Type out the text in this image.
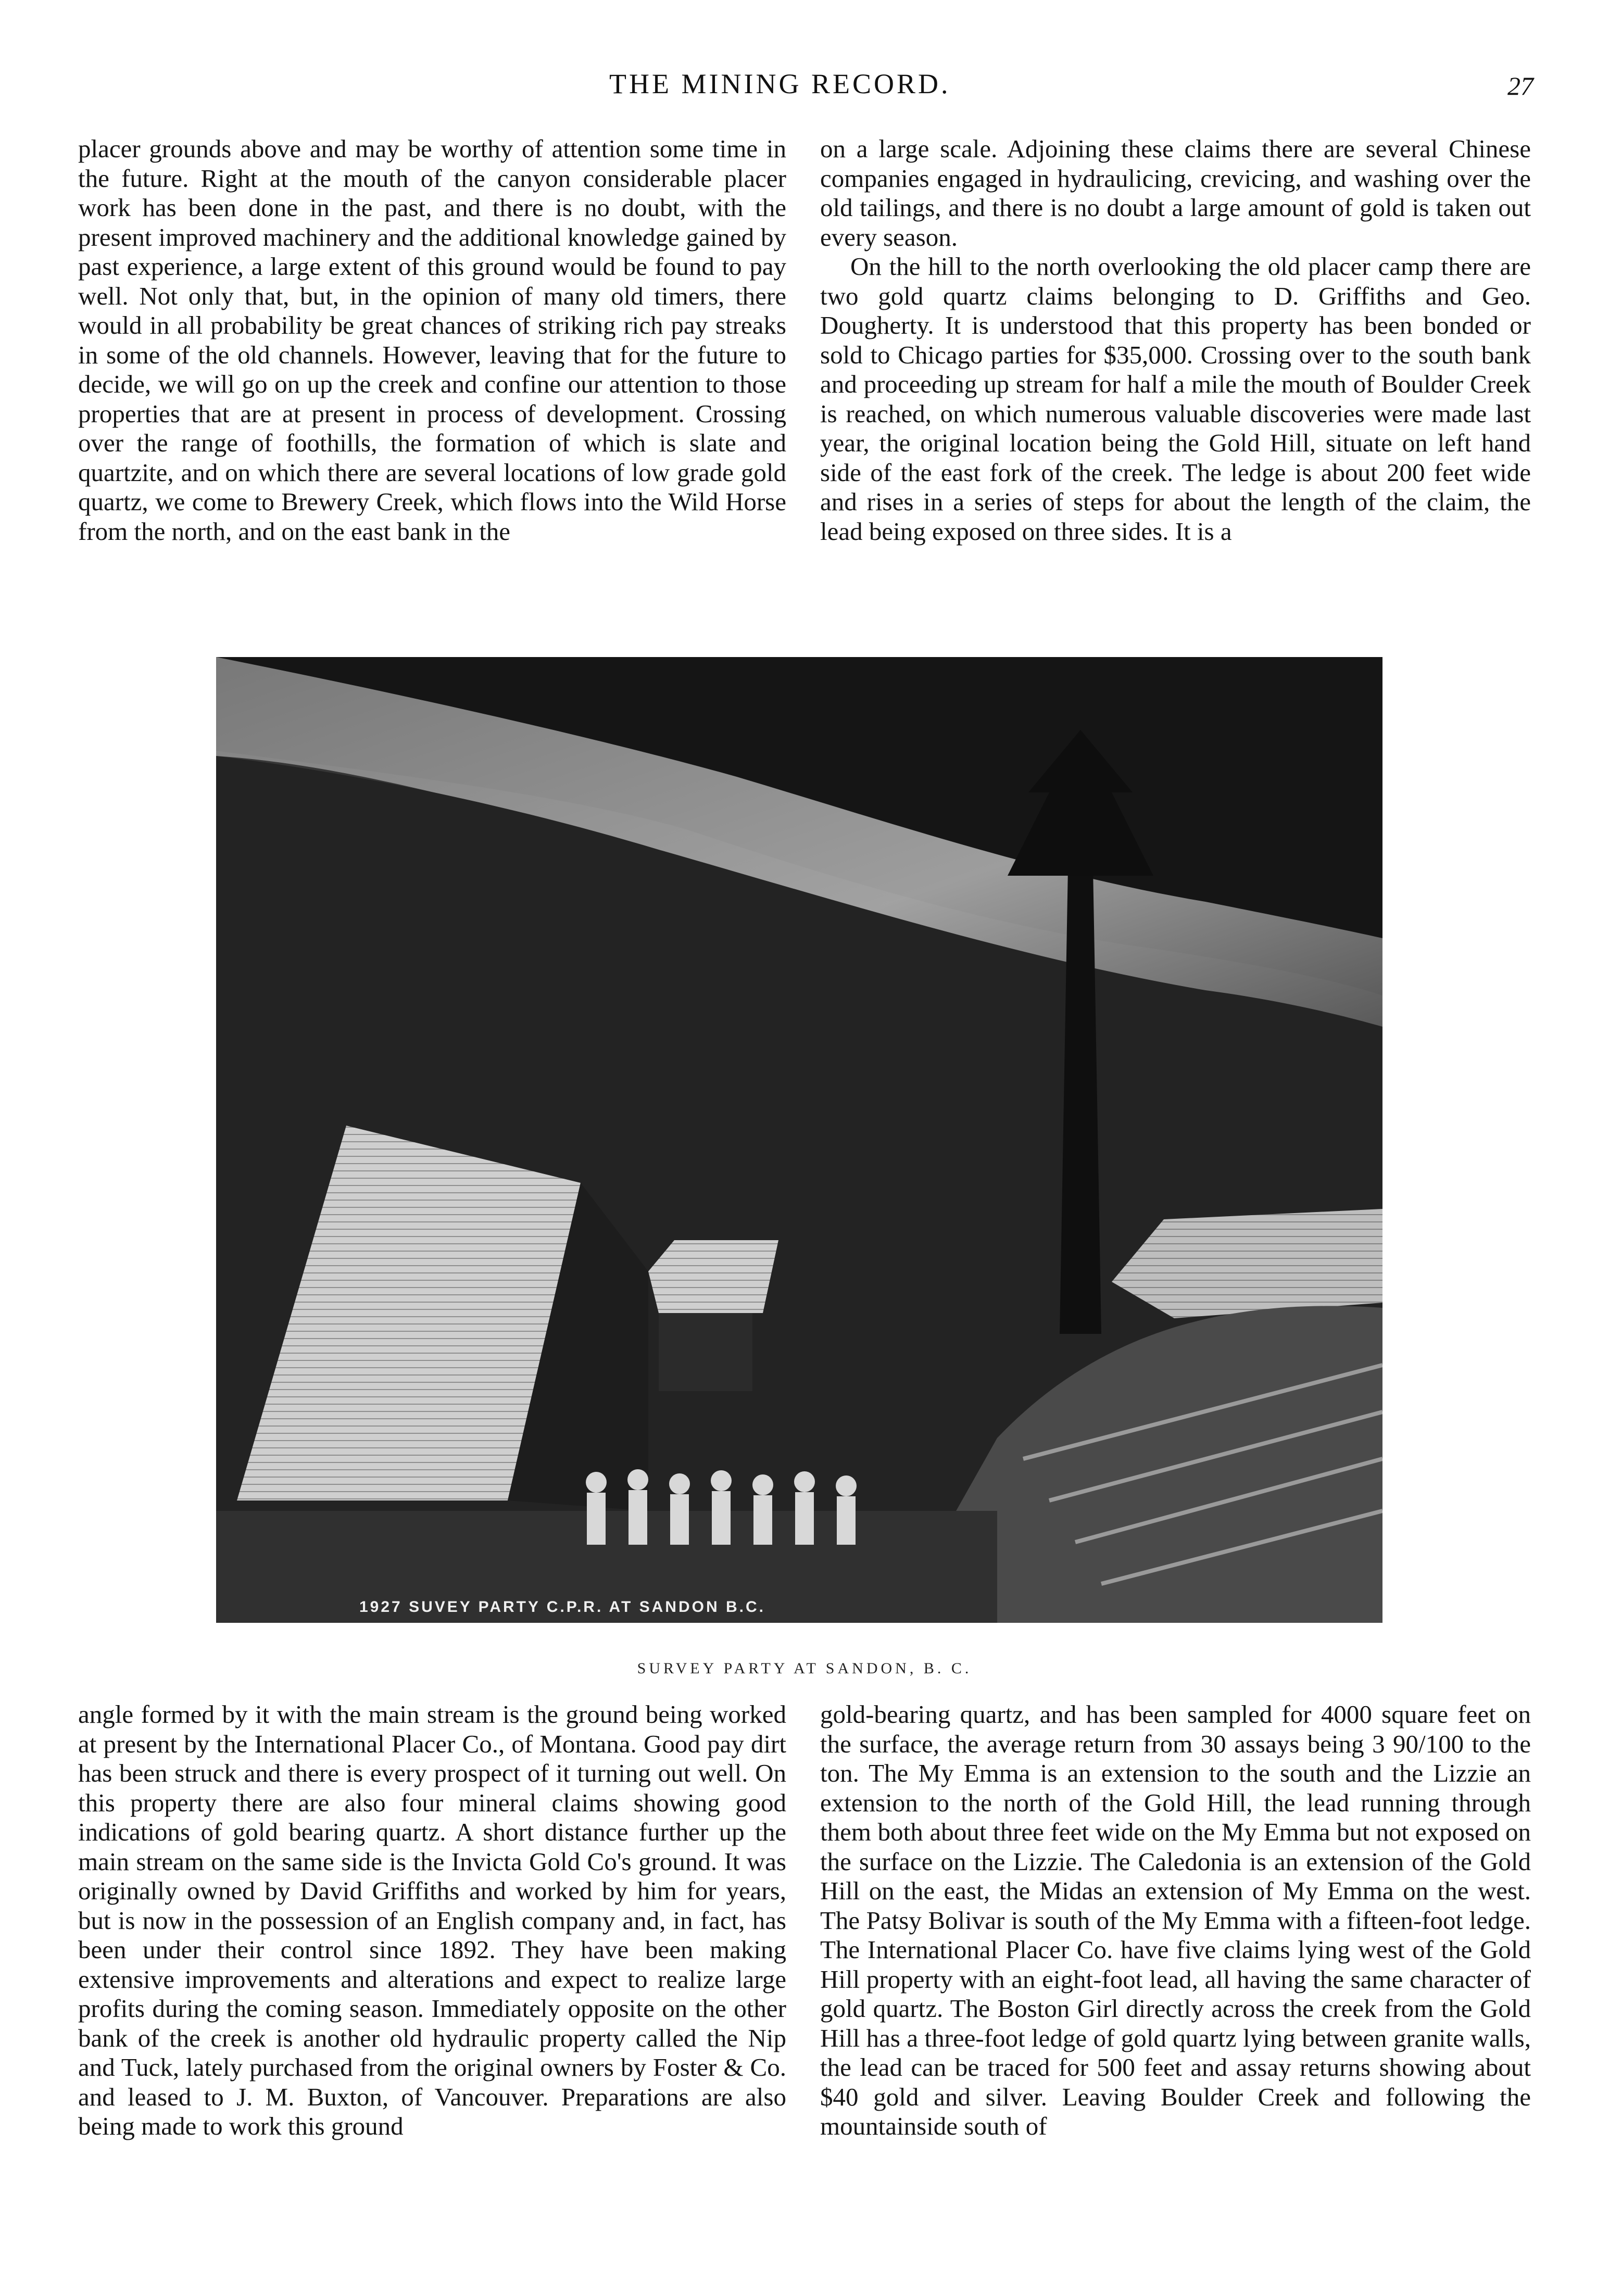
THE MINING RECORD.	27

placer grounds above and may be worthy of attention some time in the future. Right at the mouth of the canyon considerable placer work has been done in the past, and there is no doubt, with the present improved machinery and the additional knowledge gained by past experience, a large extent of this ground would be found to pay well. Not only that, but, in the opinion of many old timers, there would in all probability be great chances of striking rich pay streaks in some of the old channels. However, leaving that for the future to decide, we will go on up the creek and confine our attention to those properties that are at present in process of development. Crossing over the range of foothills, the formation of which is slate and quartzite, and on which there are several locations of low grade gold quartz, we come to Brewery Creek, which flows into the Wild Horse from the north, and on the east bank in the

on a large scale. Adjoining these claims there are several Chinese companies engaged in hydraulicing, crevicing, and washing over the old tailings, and there is no doubt a large amount of gold is taken out every season.

On the hill to the north overlooking the old placer camp there are two gold quartz claims belonging to D. Griffiths and Geo. Dougherty. It is understood that this property has been bonded or sold to Chicago parties for $35,000. Crossing over to the south bank and proceeding up stream for half a mile the mouth of Boulder Creek is reached, on which numerous valuable discoveries were made last year, the original location being the Gold Hill, situate on left hand side of the east fork of the creek. The ledge is about 200 feet wide and rises in a series of steps for about the length of the claim, the lead being exposed on three sides. It is a

1927 SUVEY PARTY C.P.R. AT SANDON B.C.
SURVEY PARTY AT SANDON, B. C.

angle formed by it with the main stream is the ground being worked at present by the International Placer Co., of Montana. Good pay dirt has been struck and there is every prospect of it turning out well. On this property there are also four mineral claims showing good indications of gold bearing quartz. A short distance further up the main stream on the same side is the Invicta Gold Co's ground. It was originally owned by David Griffiths and worked by him for years, but is now in the possession of an English company and, in fact, has been under their control since 1892. They have been making extensive improvements and alterations and expect to realize large profits during the coming season. Immediately opposite on the other bank of the creek is another old hydraulic property called the Nip and Tuck, lately purchased from the original owners by Foster & Co. and leased to J. M. Buxton, of Vancouver. Preparations are also being made to work this ground

gold-bearing quartz, and has been sampled for 4000 square feet on the surface, the average return from 30 assays being 3 90/100 to the ton. The My Emma is an extension to the south and the Lizzie an extension to the north of the Gold Hill, the lead running through them both about three feet wide on the My Emma but not exposed on the surface on the Lizzie. The Caledonia is an extension of the Gold Hill on the east, the Midas an extension of My Emma on the west. The Patsy Bolivar is south of the My Emma with a fifteen-foot ledge. The International Placer Co. have five claims lying west of the Gold Hill property with an eight-foot lead, all having the same character of gold quartz. The Boston Girl directly across the creek from the Gold Hill has a three-foot ledge of gold quartz lying between granite walls, the lead can be traced for 500 feet and assay returns showing about $40 gold and silver. Leaving Boulder Creek and following the mountainside south of
